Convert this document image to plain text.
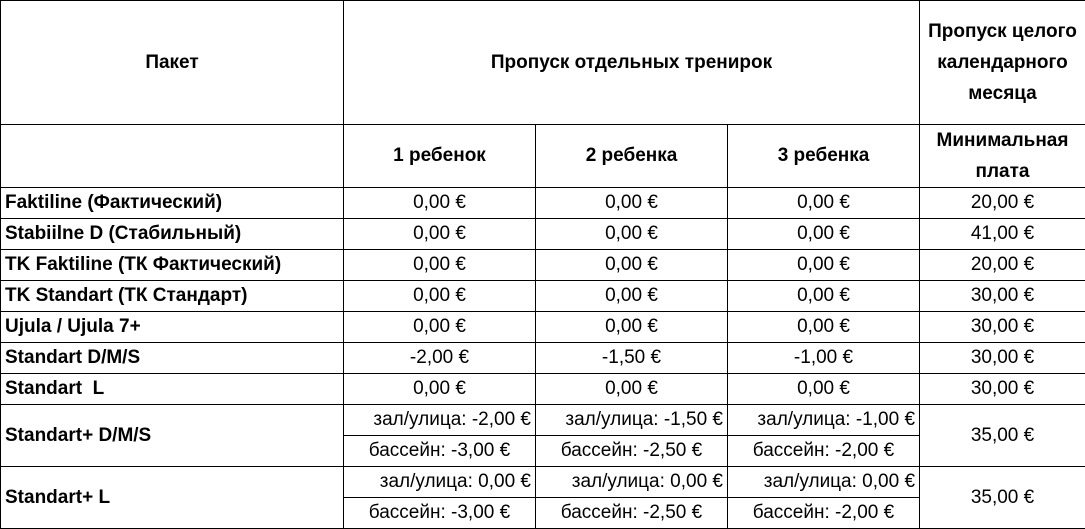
Пакет	Пропуск отдельных тренирок			Пропуск целого календарного месяца
	1 ребенок	2 ребенка	3 ребенка	Минимальная плата
Faktiline (Фактический)	0,00 €	0,00 €	0,00 €	20,00 €
Stabiilne D (Стабильный)	0,00 €	0,00 €	0,00 €	41,00 €
TK Faktiline (ТК Фактический)	0,00 €	0,00 €	0,00 €	20,00 €
TK Standart (ТК Стандарт)	0,00 €	0,00 €	0,00 €	30,00 €
Ujula / Ujula 7+	0,00 €	0,00 €	0,00 €	30,00 €
Standart D/M/S	-2,00 €	-1,50 €	-1,00 €	30,00 €
Standart  L	0,00 €	0,00 €	0,00 €	30,00 €
Standart+ D/M/S	зал/улица: -2,00 €	зал/улица: -1,50 €	зал/улица: -1,00 €	35,00 €
	бассейн: -3,00 €	бассейн: -2,50 €	бассейн: -2,00 €	
Standart+ L	зал/улица: 0,00 €	зал/улица: 0,00 €	зал/улица: 0,00 €	35,00 €
	бассейн: -3,00 €	бассейн: -2,50 €	бассейн: -2,00 €	
